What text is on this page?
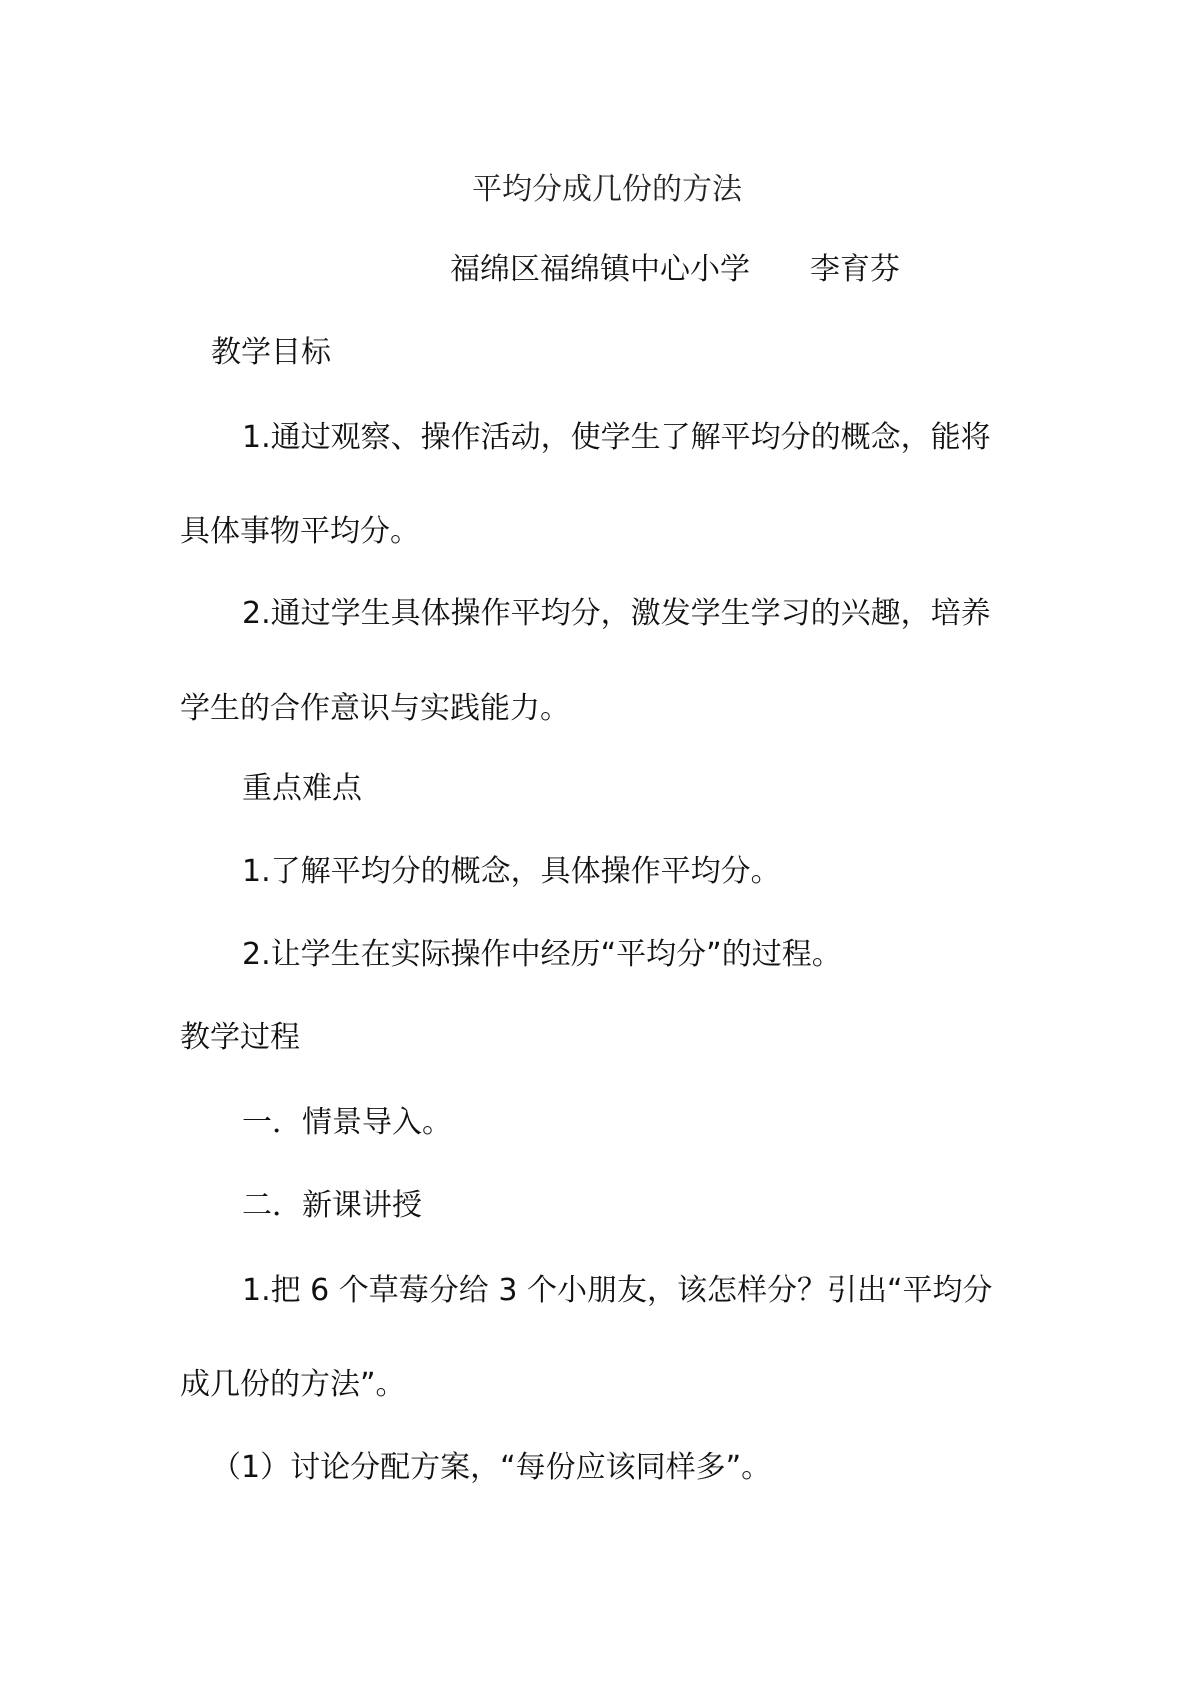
平均分成几份的方法
福绵区福绵镇中心小学　　李育芬
教学目标
1.通过观察、操作活动，使学生了解平均分的概念，能将
具体事物平均分。
2.通过学生具体操作平均分，激发学生学习的兴趣，培养
学生的合作意识与实践能力。
重点难点
1.了解平均分的概念，具体操作平均分。
2.让学生在实际操作中经历“平均分”的过程。
教学过程
一．情景导入。
二．新课讲授
1.把 6 个草莓分给 3 个小朋友，该怎样分？引出“平均分
成几份的方法”。
（1）讨论分配方案，“每份应该同样多”。
